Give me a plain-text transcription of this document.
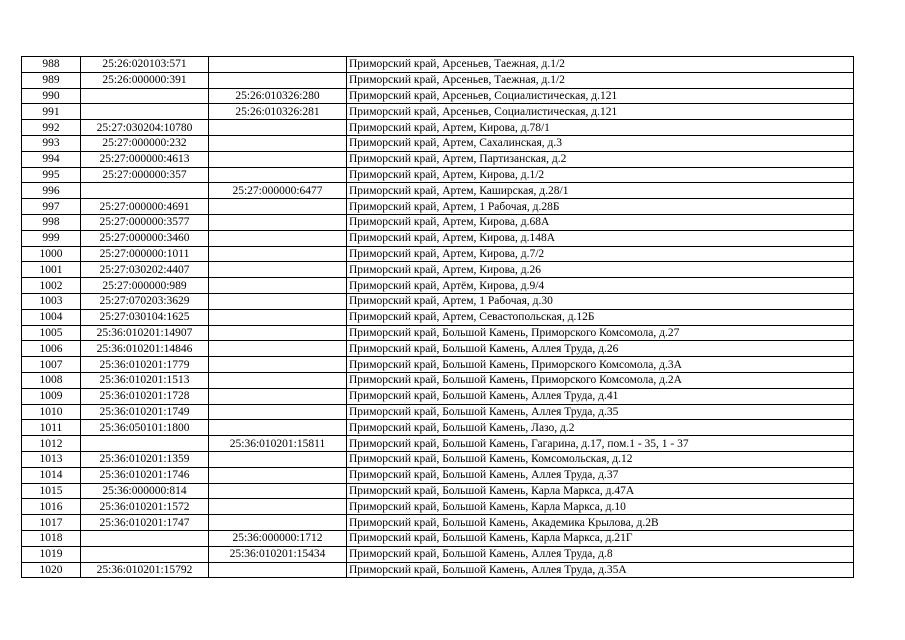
988	25:26:020103:571		Приморский край, Арсеньев, Таежная, д.1/2
989	25:26:000000:391		Приморский край, Арсеньев, Таежная, д.1/2
990		25:26:010326:280	Приморский край, Арсеньев, Социалистическая, д.121
991		25:26:010326:281	Приморский край, Арсеньев, Социалистическая, д.121
992	25:27:030204:10780		Приморский край, Артем, Кирова, д.78/1
993	25:27:000000:232		Приморский край, Артем, Сахалинская, д.3
994	25:27:000000:4613		Приморский край, Артем, Партизанская, д.2
995	25:27:000000:357		Приморский край, Артем, Кирова, д.1/2
996		25:27:000000:6477	Приморский край, Артем, Каширская, д.28/1
997	25:27:000000:4691		Приморский край, Артем, 1 Рабочая, д.28Б
998	25:27:000000:3577		Приморский край, Артем, Кирова, д.68А
999	25:27:000000:3460		Приморский край, Артем, Кирова, д.148А
1000	25:27:000000:1011		Приморский край, Артем, Кирова, д.7/2
1001	25:27:030202:4407		Приморский край, Артем, Кирова, д.26
1002	25:27:000000:989		Приморский край, Артём, Кирова, д.9/4
1003	25:27:070203:3629		Приморский край, Артем, 1 Рабочая, д.30
1004	25:27:030104:1625		Приморский край, Артем, Севастопольская, д.12Б
1005	25:36:010201:14907		Приморский край, Большой Камень, Приморского Комсомола, д.27
1006	25:36:010201:14846		Приморский край, Большой Камень, Аллея Труда, д.26
1007	25:36:010201:1779		Приморский край, Большой Камень, Приморского Комсомола, д.3А
1008	25:36:010201:1513		Приморский край, Большой Камень, Приморского Комсомола, д.2А
1009	25:36:010201:1728		Приморский край, Большой Камень, Аллея Труда, д.41
1010	25:36:010201:1749		Приморский край, Большой Камень, Аллея Труда, д.35
1011	25:36:050101:1800		Приморский край, Большой Камень, Лазо, д.2
1012		25:36:010201:15811	Приморский край, Большой Камень, Гагарина, д.17, пом.1 - 35, 1 - 37
1013	25:36:010201:1359		Приморский край, Большой Камень, Комсомольская, д.12
1014	25:36:010201:1746		Приморский край, Большой Камень, Аллея Труда, д.37
1015	25:36:000000:814		Приморский край, Большой Камень, Карла Маркса, д.47А
1016	25:36:010201:1572		Приморский край, Большой Камень, Карла Маркса, д.10
1017	25:36:010201:1747		Приморский край, Большой Камень, Академика Крылова, д.2В
1018		25:36:000000:1712	Приморский край, Большой Камень, Карла Маркса, д.21Г
1019		25:36:010201:15434	Приморский край, Большой Камень, Аллея Труда, д.8
1020	25:36:010201:15792		Приморский край, Большой Камень, Аллея Труда, д.35А
